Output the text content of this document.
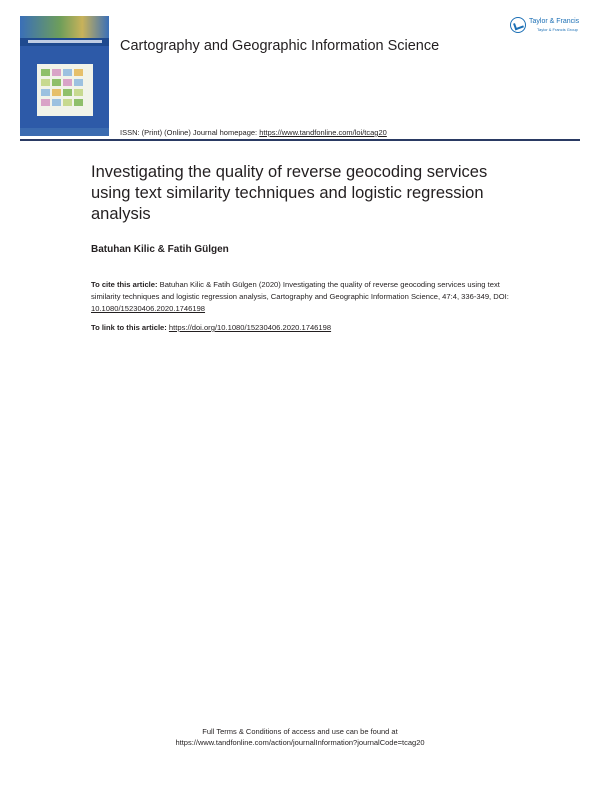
Cartography and Geographic Information Science
Taylor & Francis
Taylor & Francis Group
ISSN: (Print) (Online) Journal homepage: https://www.tandfonline.com/loi/tcag20
Investigating the quality of reverse geocoding services using text similarity techniques and logistic regression analysis
Batuhan Kilic & Fatih Gülgen
To cite this article: Batuhan Kilic & Fatih Gülgen (2020) Investigating the quality of reverse geocoding services using text similarity techniques and logistic regression analysis, Cartography and Geographic Information Science, 47:4, 336-349, DOI: 10.1080/15230406.2020.1746198
To link to this article: https://doi.org/10.1080/15230406.2020.1746198
Full Terms & Conditions of access and use can be found at
https://www.tandfonline.com/action/journalInformation?journalCode=tcag20
